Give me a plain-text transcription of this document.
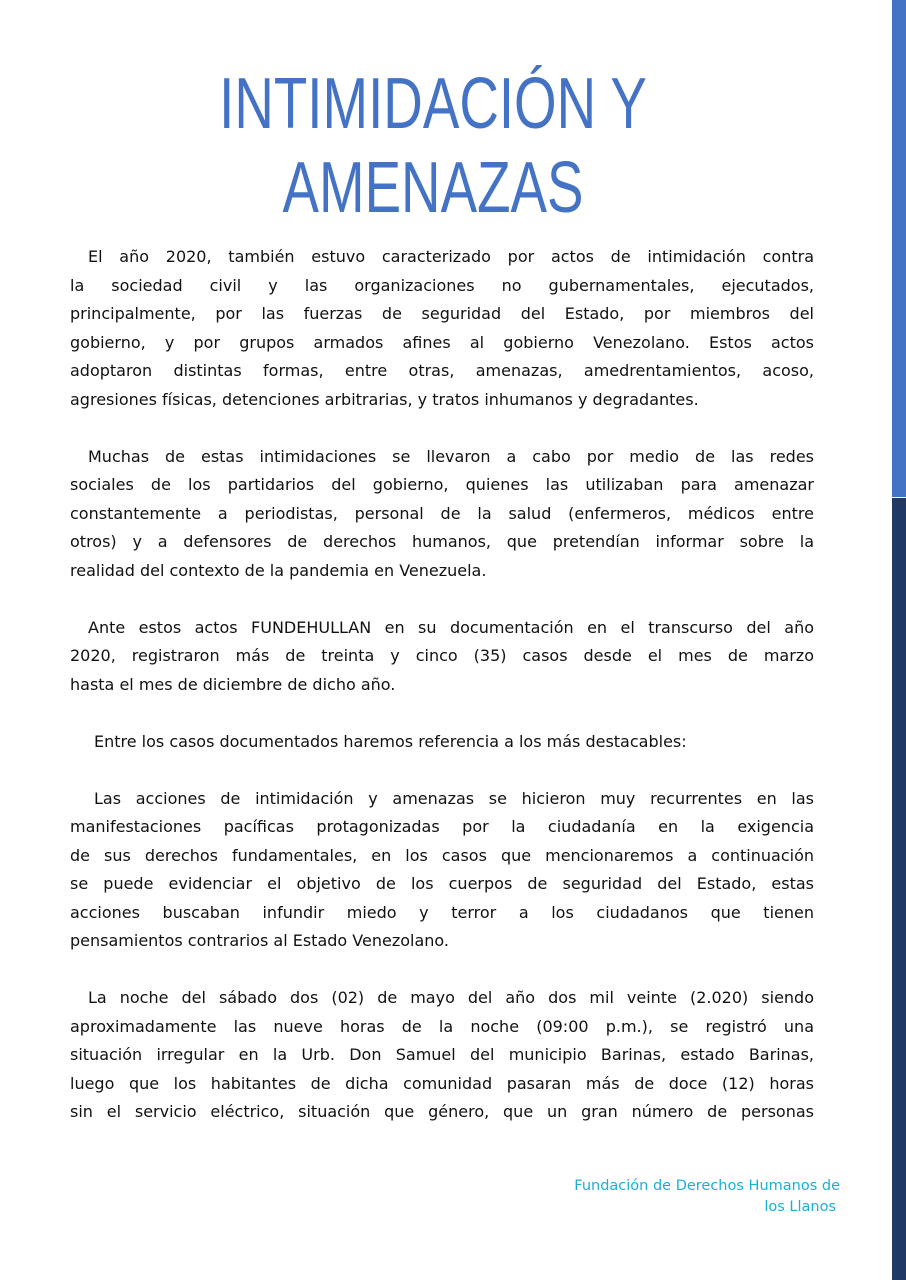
INTIMIDACIÓN Y
AMENAZAS
El año 2020, también estuvo caracterizado por actos de intimidación contra
la sociedad civil y las organizaciones no gubernamentales, ejecutados,
principalmente, por las fuerzas de seguridad del Estado, por miembros del
gobierno, y por grupos armados afines al gobierno Venezolano. Estos actos
adoptaron distintas formas, entre otras, amenazas, amedrentamientos, acoso,
agresiones físicas, detenciones arbitrarias, y tratos inhumanos y degradantes.
Muchas de estas intimidaciones se llevaron a cabo por medio de las redes
sociales de los partidarios del gobierno, quienes las utilizaban para amenazar
constantemente a periodistas, personal de la salud (enfermeros, médicos entre
otros) y a defensores de derechos humanos, que pretendían informar sobre la
realidad del contexto de la pandemia en Venezuela.
Ante estos actos FUNDEHULLAN en su documentación en el transcurso del año
2020, registraron más de treinta y cinco (35) casos desde el mes de marzo
hasta el mes de diciembre de dicho año.
Entre los casos documentados haremos referencia a los más destacables:
Las acciones de intimidación y amenazas se hicieron muy recurrentes en las
manifestaciones pacíficas protagonizadas por la ciudadanía en la exigencia
de sus derechos fundamentales, en los casos que mencionaremos a continuación
se puede evidenciar el objetivo de los cuerpos de seguridad del Estado, estas
acciones buscaban infundir miedo y terror a los ciudadanos que tienen
pensamientos contrarios al Estado Venezolano.
La noche del sábado dos (02) de mayo del año dos mil veinte (2.020) siendo
aproximadamente las nueve horas de la noche (09:00 p.m.), se registró una
situación irregular en la Urb. Don Samuel del municipio Barinas, estado Barinas,
luego que los habitantes de dicha comunidad pasaran más de doce (12) horas
sin el servicio eléctrico, situación que género, que un gran número de personas
Fundación de Derechos Humanos de
los Llanos
